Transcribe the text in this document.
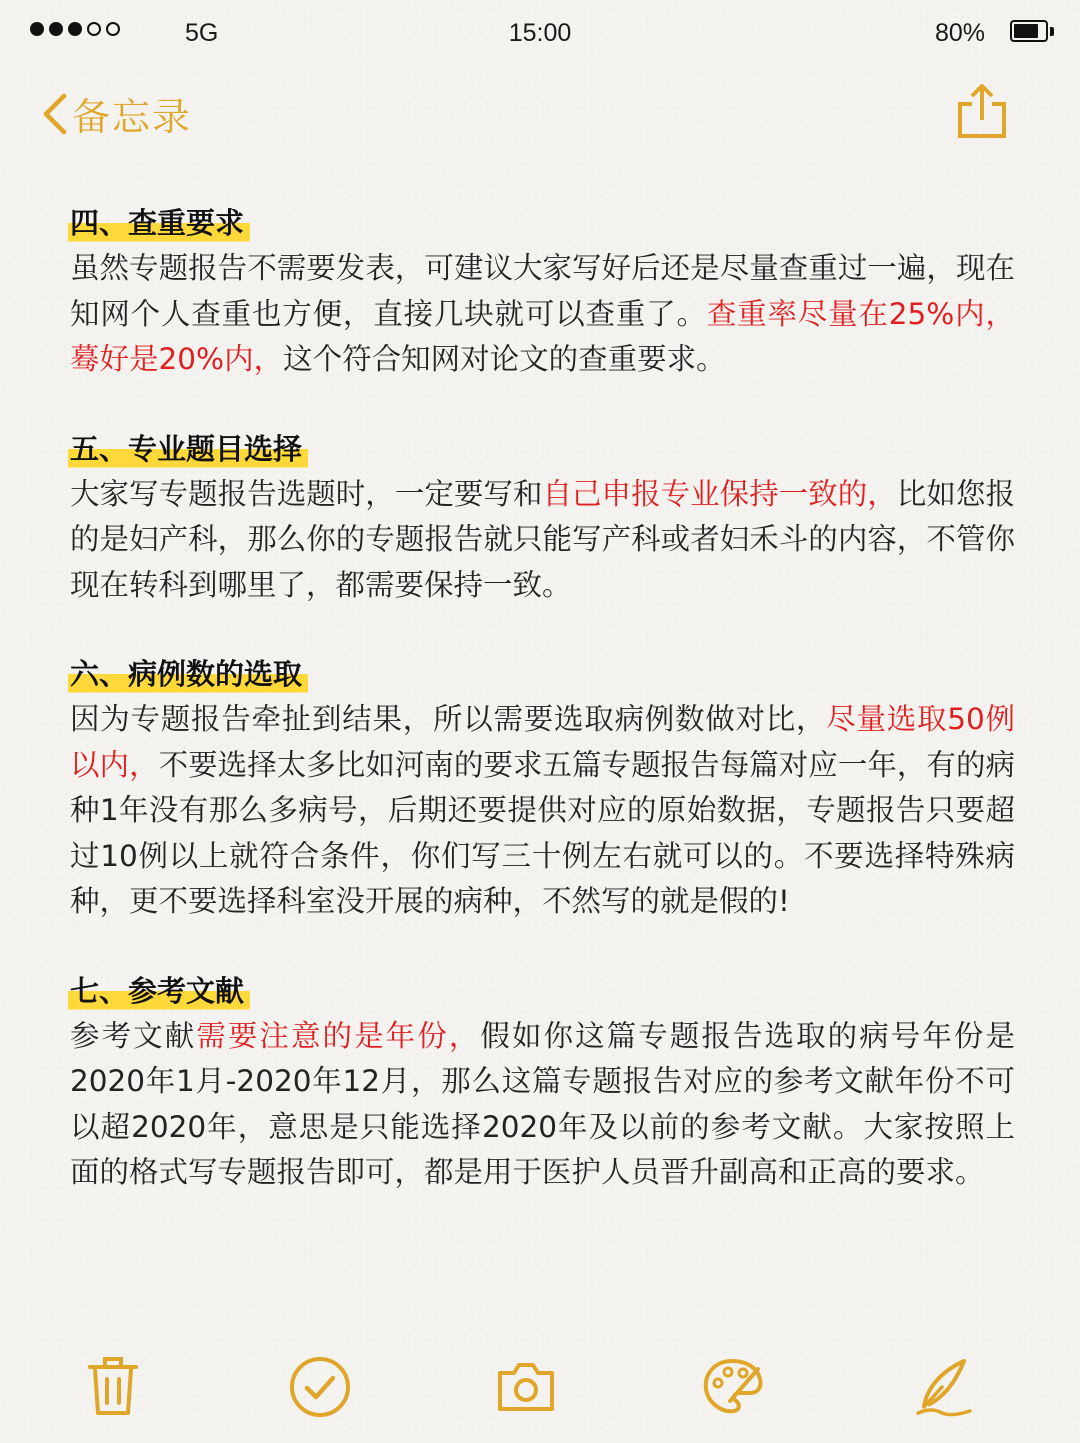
5G	15:00	80%
备忘录
四、查重要求

虽然专题报告不需要发表，可建议大家写好后还是尽量查重过一遍，现在知网个人查重也方便，直接几块就可以查重了。查重率尽量在25%内，蓦好是20%内，这个符合知网对论文的查重要求。

五、专业题目选择

大家写专题报告选题时，一定要写和自己申报专业保持一致的，比如您报的是妇产科，那么你的专题报告就只能写产科或者妇禾斗的内容，不管你现在转科到哪里了，都需要保持一致。

六、病例数的选取

因为专题报告牵扯到结果，所以需要选取病例数做对比，尽量选取50例以内，不要选择太多比如河南的要求五篇专题报告每篇对应一年，有的病种1年没有那么多病号，后期还要提供对应的原始数据，专题报告只要超过10例以上就符合条件，你们写三十例左右就可以的。不要选择特殊病种，更不要选择科室没开展的病种，不然写的就是假的!

七、参考文献

参考文献需要注意的是年份，假如你这篇专题报告选取的病号年份是2020年1月-2020年12月，那么这篇专题报告对应的参考文献年份不可以超2020年，意思是只能选择2020年及以前的参考文献。大家按照上面的格式写专题报告即可，都是用于医护人员晋升副高和正高的要求。
